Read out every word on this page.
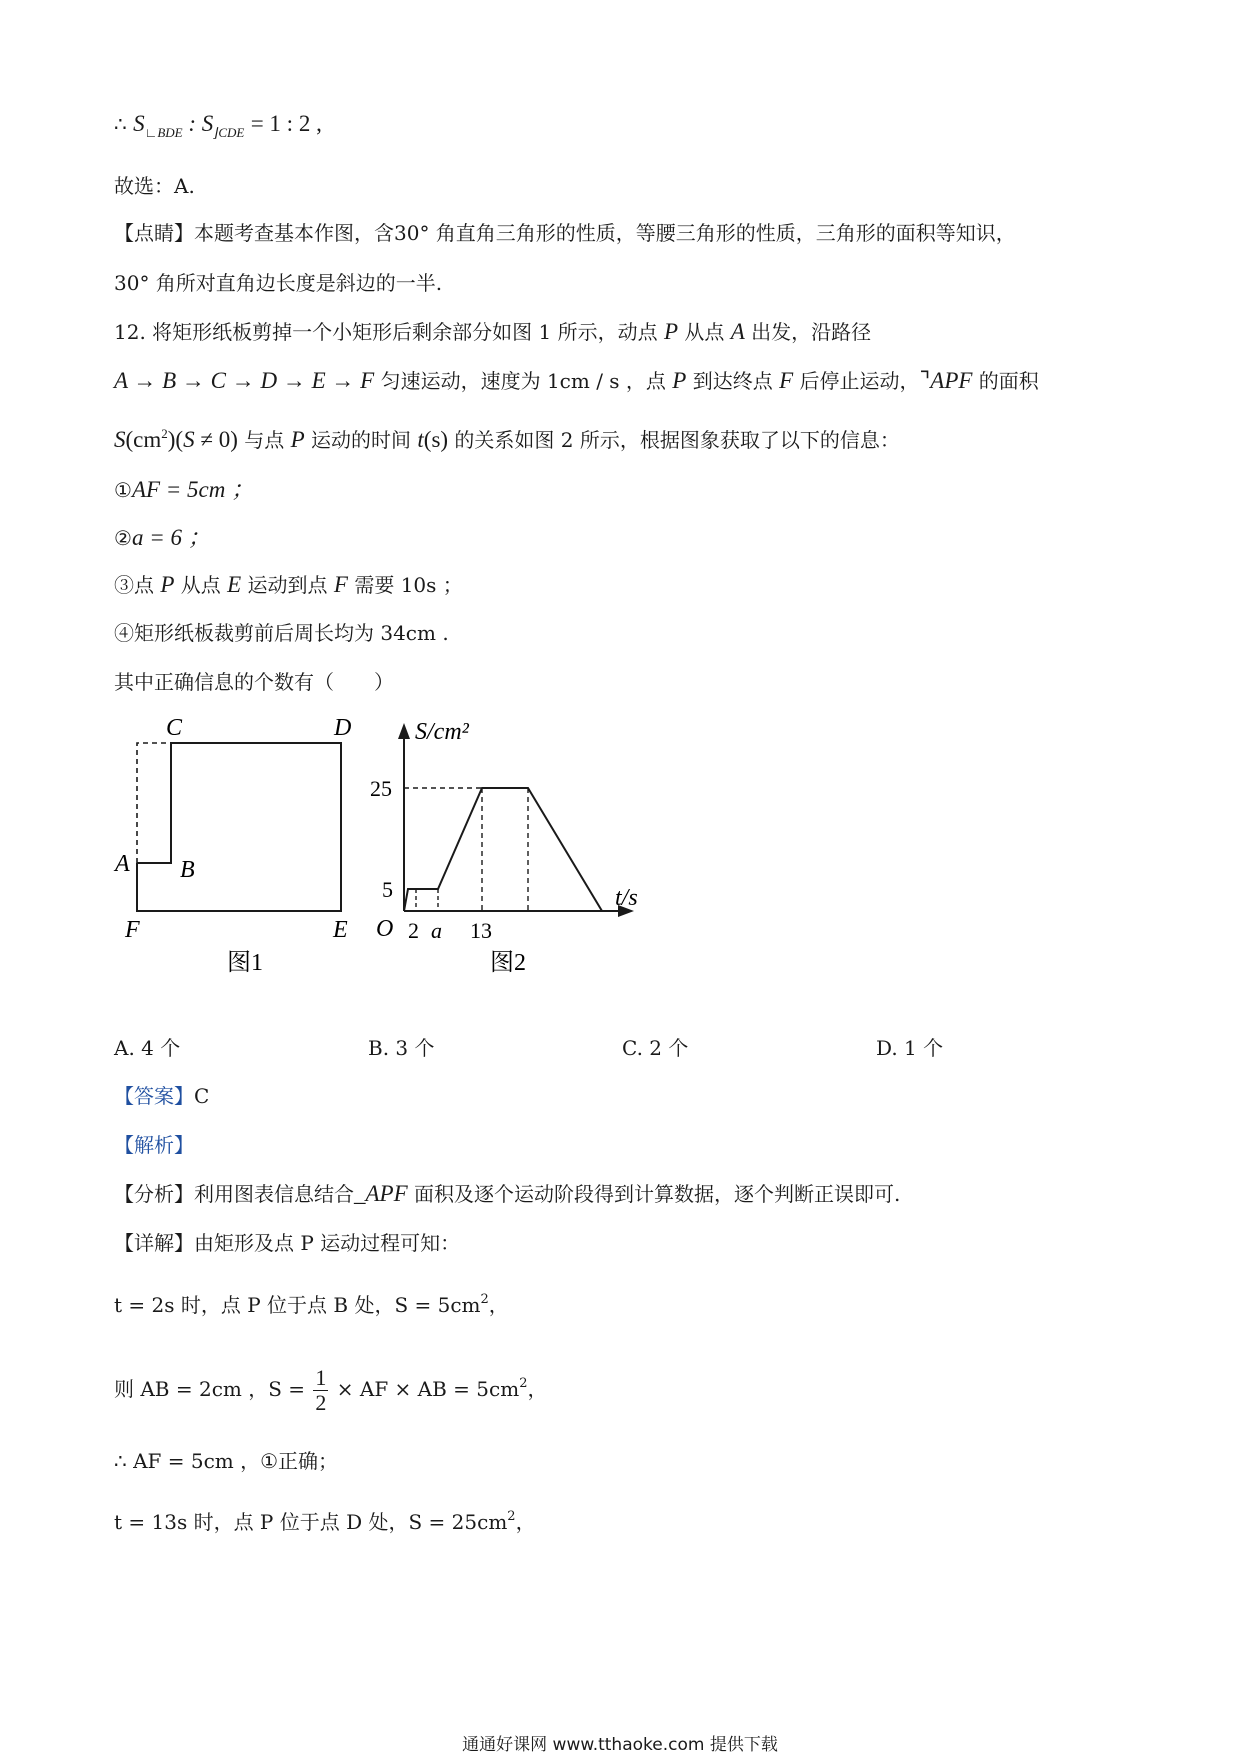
∴ $S_{∟BDE}$ : $S_{⌋CDE} = 1$ : 2 ,
故选：A.
【点睛】本题考查基本作图，含30° 角直角三角形的性质，等腰三角形的性质，三角形的面积等知识，
30° 角所对直角边长度是斜边的一半.
12. 将矩形纸板剪掉一个小矩形后剩余部分如图 1 所示，动点 P 从点 A 出发，沿路径
A → B → C → D → E → F 匀速运动，速度为 1cm / s ，点 P 到达终点 F 后停止运动，⌝APF 的面积
$S(cm^2)(S \ne 0)$ 与点 P 运动的时间 t(s) 的关系如图 2 所示，根据图象获取了以下的信息：
①AF = 5cm ；
②a = 6 ；
③点 P 从点 E 运动到点 F 需要 10s ；
④矩形纸板裁剪前后周长均为 34cm .
其中正确信息的个数有（　　）
C	D
A B
F	E
图1
S/cm²
t/s
25
5
O 2 a 13
图2
A. 4 个	B. 3 个	C. 2 个	D. 1 个
【答案】C
【解析】
【分析】利用图表信息结合_APF 面积及逐个运动阶段得到计算数据，逐个判断正误即可.
【详解】由矩形及点 P 运动过程可知：
t = 2s 时，点 P 位于点 B 处，$S = 5cm^2$，
则 AB = 2cm ，$S = \frac{1}{2}$ × AF × AB = $5cm^2$，
∴ AF = 5cm ，①正确；
t = 13s 时，点 P 位于点 D 处，$S = 25cm^2$，
通通好课网 www.tthaoke.com 提供下载
